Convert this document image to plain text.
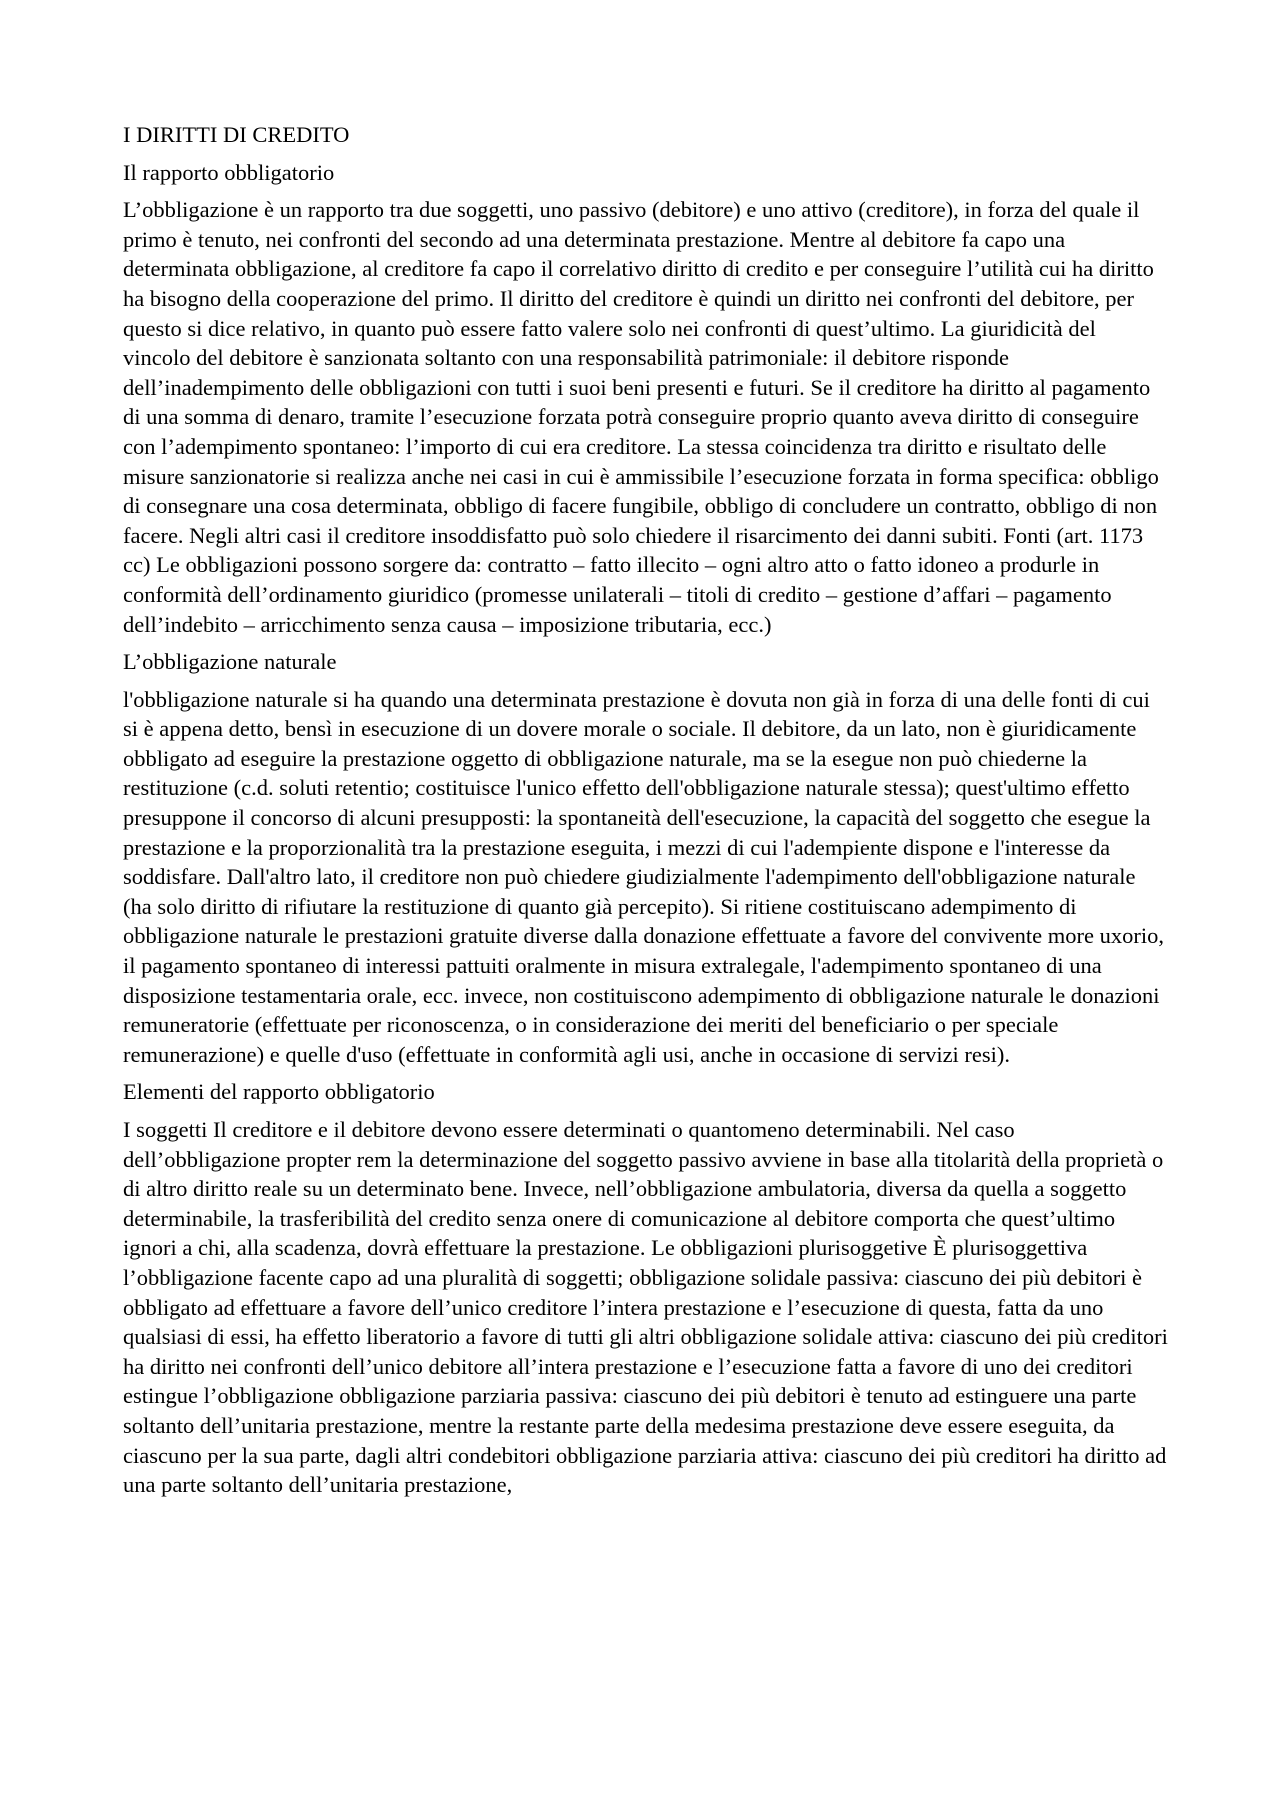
I DIRITTI DI CREDITO

Il rapporto obbligatorio

L’obbligazione è un rapporto tra due soggetti, uno passivo (debitore) e uno attivo (creditore), in forza del quale il primo è tenuto, nei confronti del secondo ad una determinata prestazione. Mentre al debitore fa capo una determinata obbligazione, al creditore fa capo il correlativo diritto di credito e per conseguire l’utilità cui ha diritto ha bisogno della cooperazione del primo. Il diritto del creditore è quindi un diritto nei confronti del debitore, per questo si dice relativo, in quanto può essere fatto valere solo nei confronti di quest’ultimo. La giuridicità del vincolo del debitore è sanzionata soltanto con una responsabilità patrimoniale: il debitore risponde dell’inadempimento delle obbligazioni con tutti i suoi beni presenti e futuri. Se il creditore ha diritto al pagamento di una somma di denaro, tramite l’esecuzione forzata potrà conseguire proprio quanto aveva diritto di conseguire con l’adempimento spontaneo: l’importo di cui era creditore. La stessa coincidenza tra diritto e risultato delle misure sanzionatorie si realizza anche nei casi in cui è ammissibile l’esecuzione forzata in forma specifica: obbligo di consegnare una cosa determinata, obbligo di facere fungibile, obbligo di concludere un contratto, obbligo di non facere. Negli altri casi il creditore insoddisfatto può solo chiedere il risarcimento dei danni subiti. Fonti (art. 1173 cc) Le obbligazioni possono sorgere da: contratto – fatto illecito – ogni altro atto o fatto idoneo a produrle in conformità dell’ordinamento giuridico (promesse unilaterali – titoli di credito – gestione d’affari – pagamento dell’indebito – arricchimento senza causa – imposizione tributaria, ecc.)

L’obbligazione naturale

l'obbligazione naturale si ha quando una determinata prestazione è dovuta non già in forza di una delle fonti di cui si è appena detto, bensì in esecuzione di un dovere morale o sociale. Il debitore, da un lato, non è giuridicamente obbligato ad eseguire la prestazione oggetto di obbligazione naturale, ma se la esegue non può chiederne la restituzione (c.d. soluti retentio; costituisce l'unico effetto dell'obbligazione naturale stessa); quest'ultimo effetto presuppone il concorso di alcuni presupposti: la spontaneità dell'esecuzione, la capacità del soggetto che esegue la prestazione e la proporzionalità tra la prestazione eseguita, i mezzi di cui l'adempiente dispone e l'interesse da soddisfare. Dall'altro lato, il creditore non può chiedere giudizialmente l'adempimento dell'obbligazione naturale (ha solo diritto di rifiutare la restituzione di quanto già percepito). Si ritiene costituiscano adempimento di obbligazione naturale le prestazioni gratuite diverse dalla donazione effettuate a favore del convivente more uxorio, il pagamento spontaneo di interessi pattuiti oralmente in misura extralegale, l'adempimento spontaneo di una disposizione testamentaria orale, ecc. invece, non costituiscono adempimento di obbligazione naturale le donazioni remuneratorie (effettuate per riconoscenza, o in considerazione dei meriti del beneficiario o per speciale remunerazione) e quelle d'uso (effettuate in conformità agli usi, anche in occasione di servizi resi).

Elementi del rapporto obbligatorio

I soggetti Il creditore e il debitore devono essere determinati o quantomeno determinabili. Nel caso dell’obbligazione propter rem la determinazione del soggetto passivo avviene in base alla titolarità della proprietà o di altro diritto reale su un determinato bene. Invece, nell’obbligazione ambulatoria, diversa da quella a soggetto determinabile, la trasferibilità del credito senza onere di comunicazione al debitore comporta che quest’ultimo ignori a chi, alla scadenza, dovrà effettuare la prestazione. Le obbligazioni plurisoggetive È plurisoggettiva l’obbligazione facente capo ad una pluralità di soggetti; obbligazione solidale passiva: ciascuno dei più debitori è obbligato ad effettuare a favore dell’unico creditore l’intera prestazione e l’esecuzione di questa, fatta da uno qualsiasi di essi, ha effetto liberatorio a favore di tutti gli altri obbligazione solidale attiva: ciascuno dei più creditori ha diritto nei confronti dell’unico debitore all’intera prestazione e l’esecuzione fatta a favore di uno dei creditori estingue l’obbligazione obbligazione parziaria passiva: ciascuno dei più debitori è tenuto ad estinguere una parte soltanto dell’unitaria prestazione, mentre la restante parte della medesima prestazione deve essere eseguita, da ciascuno per la sua parte, dagli altri condebitori obbligazione parziaria attiva: ciascuno dei più creditori ha diritto ad una parte soltanto dell’unitaria prestazione,
